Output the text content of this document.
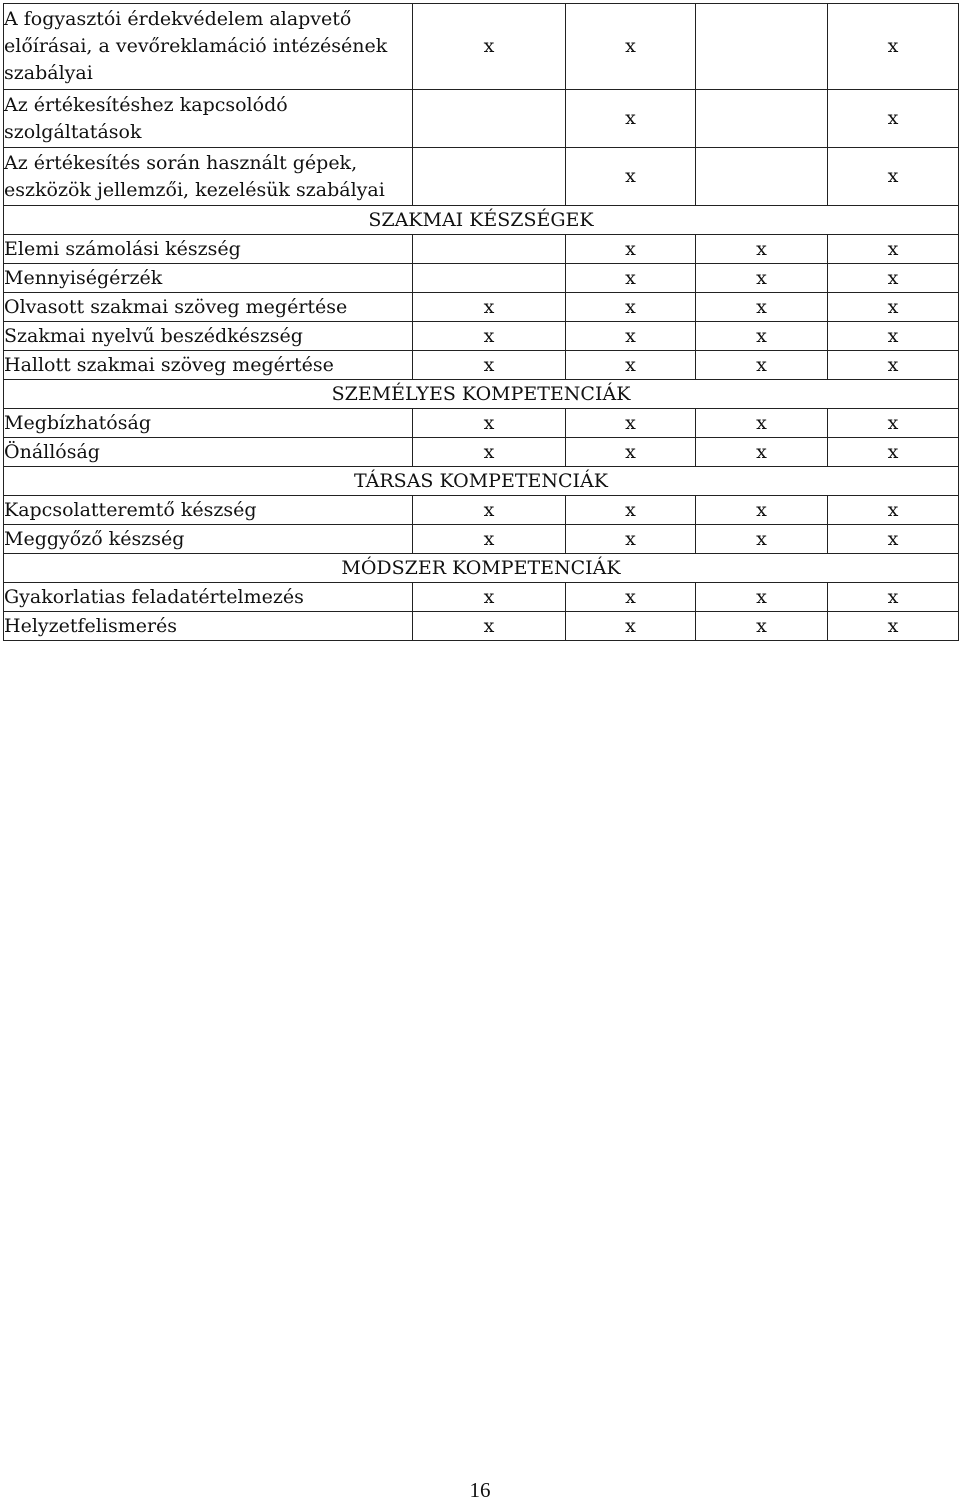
A fogyasztói érdekvédelem alapvető előírásai, a vevőreklamáció intézésének szabályai	x	x		x
Az értékesítéshez kapcsolódó szolgáltatások		x		x
Az értékesítés során használt gépek, eszközök jellemzői, kezelésük szabályai		x		x
SZAKMAI KÉSZSÉGEK				
Elemi számolási készség		x	x	x
Mennyiségérzék		x	x	x
Olvasott szakmai szöveg megértése	x	x	x	x
Szakmai nyelvű beszédkészség	x	x	x	x
Hallott szakmai szöveg megértése	x	x	x	x
SZEMÉLYES KOMPETENCIÁK				
Megbízhatóság	x	x	x	x
Önállóság	x	x	x	x
TÁRSAS KOMPETENCIÁK				
Kapcsolatteremtő készség	x	x	x	x
Meggyőző készség	x	x	x	x
MÓDSZER KOMPETENCIÁK				
Gyakorlatias feladatértelmezés	x	x	x	x
Helyzetfelismerés	x	x	x	x
16
